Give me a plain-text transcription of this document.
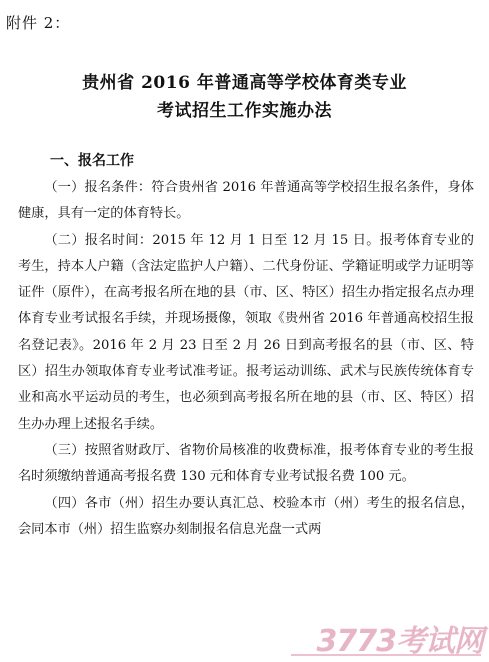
附件 2：
贵州省 2016 年普通高等学校体育类专业
考试招生工作实施办法
一、报名工作

（一）报名条件：符合贵州省 2016 年普通高等学校招生报名条件，身体健康，具有一定的体育特长。

（二）报名时间：2015 年 12 月 1 日至 12 月 15 日。报考体育专业的考生，持本人户籍（含法定监护人户籍）、二代身份证、学籍证明或学力证明等证件（原件），在高考报名所在地的县（市、区、特区）招生办指定报名点办理体育专业考试报名手续，并现场摄像，领取《贵州省 2016 年普通高校招生报名登记表》。2016 年 2 月 23 日至 2 月 26 日到高考报名的县（市、区、特区）招生办领取体育专业考试准考证。报考运动训练、武术与民族传统体育专业和高水平运动员的考生，也必须到高考报名所在地的县（市、区、特区）招生办办理上述报名手续。

（三）按照省财政厅、省物价局核准的收费标准，报考体育专业的考生报名时须缴纳普通高考报名费 130 元和体育专业考试报名费 100 元。

（四）各市（州）招生办要认真汇总、校验本市（州）考生的报名信息，会同本市（州）招生监察办刻制报名信息光盘一式两

3773考试网
